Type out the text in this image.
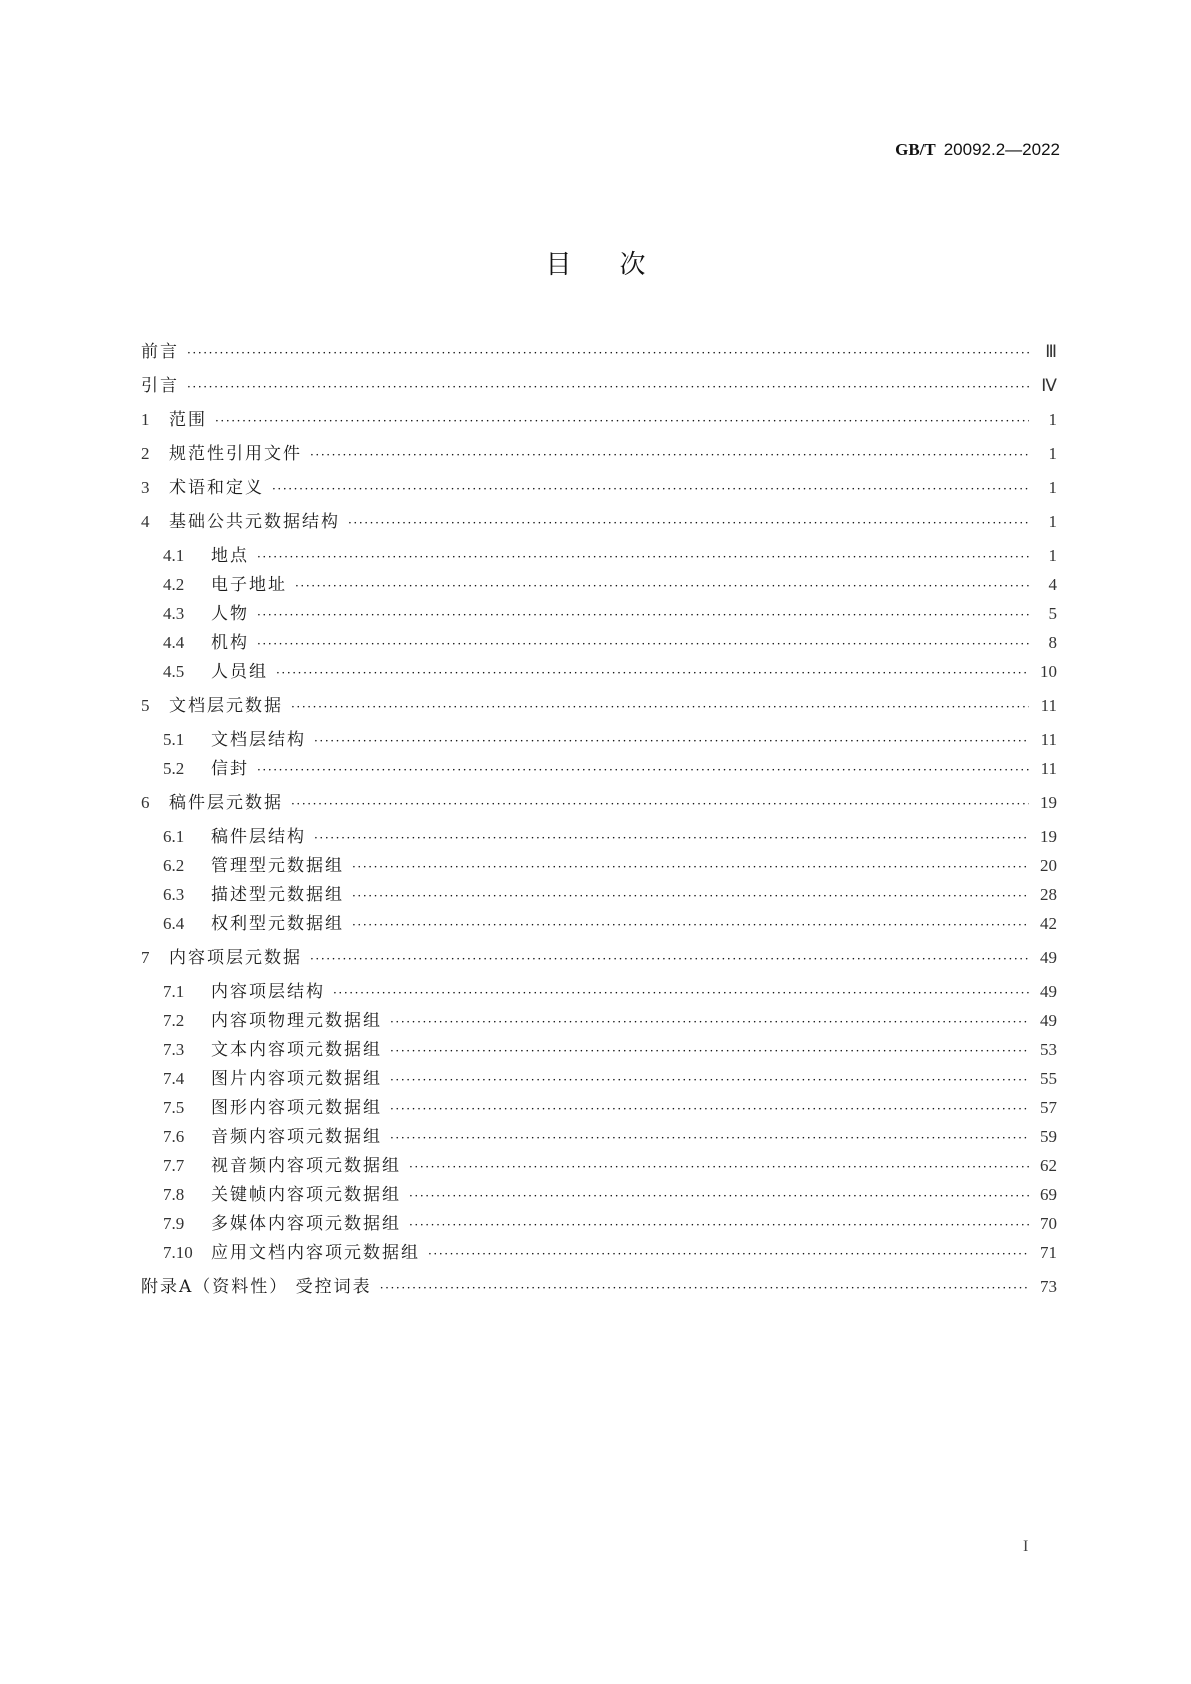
GB/T 20092.2—2022
目次
前言 ·····	Ⅲ
引言 ·····	Ⅳ
1	范围 ·····	1
2	规范性引用文件 ·····	1
3	术语和定义 ·····	1
4	基础公共元数据结构 ·····	1
4.1	地点 ·····	1
4.2	电子地址 ·····	4
4.3	人物 ·····	5
4.4	机构 ·····	8
4.5	人员组 ·····	10
5	文档层元数据 ·····	11
5.1	文档层结构 ·····	11
5.2	信封 ·····	11
6	稿件层元数据 ·····	19
6.1	稿件层结构 ·····	19
6.2	管理型元数据组 ·····	20
6.3	描述型元数据组 ·····	28
6.4	权利型元数据组 ·····	42
7	内容项层元数据 ·····	49
7.1	内容项层结构 ·····	49
7.2	内容项物理元数据组 ·····	49
7.3	文本内容项元数据组 ·····	53
7.4	图片内容项元数据组 ·····	55
7.5	图形内容项元数据组 ·····	57
7.6	音频内容项元数据组 ·····	59
7.7	视音频内容项元数据组 ·····	62
7.8	关键帧内容项元数据组 ·····	69
7.9	多媒体内容项元数据组 ·····	70
7.10	应用文档内容项元数据组 ·····	71
附录A（资料性） 受控词表 ·····	73
I
